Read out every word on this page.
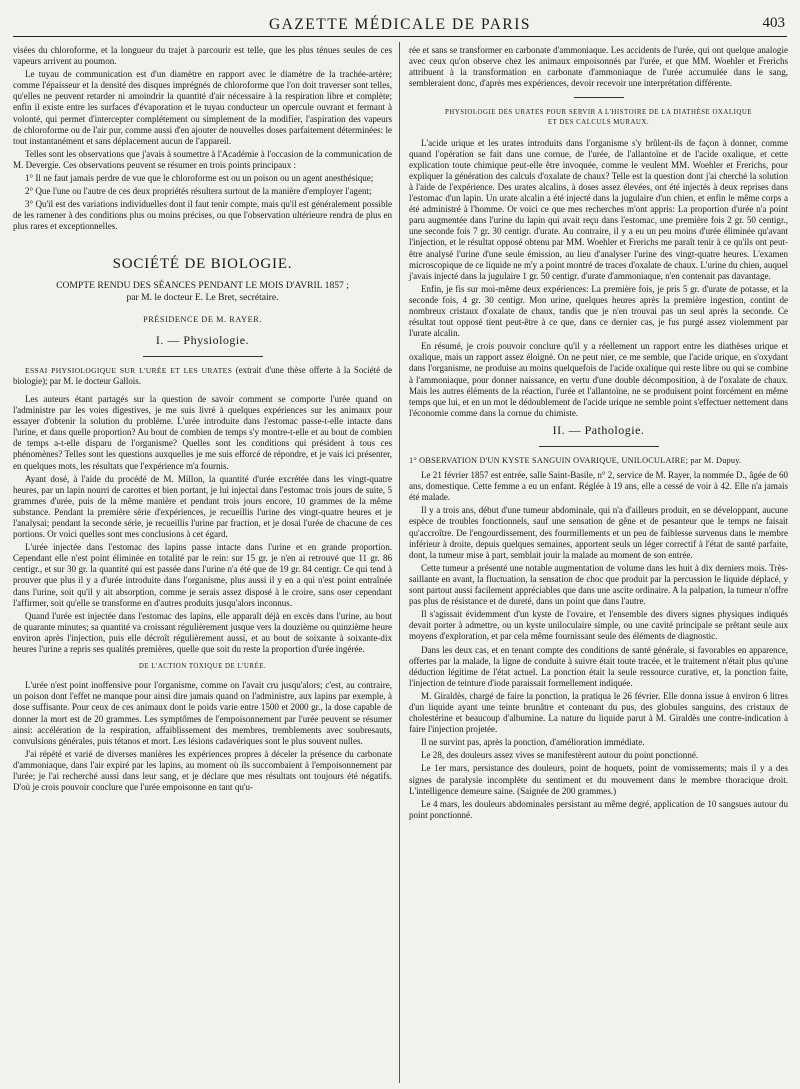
GAZETTE MÉDICALE DE PARIS	403

visées du chloroforme, et la longueur du trajet à parcourir est telle, que les plus ténues seules de ces vapeurs arrivent au poumon.

Le tuyau de communication est d'un diamètre en rapport avec le diamètre de la trachée-artère; comme l'épaisseur et la densité des disques imprégnés de chloroforme que l'on doit traverser sont telles, qu'elles ne peuvent retarder ni amoindrir la quantité d'air nécessaire à la respiration libre et complète; enfin il existe entre les surfaces d'évaporation et le tuyau conducteur un opercule ouvrant et fermant à volonté, qui permet d'intercepter complétement ou simplement de la modifier, l'aspiration des vapeurs de chloroforme ou de l'air pur, comme aussi d'en ajouter de nouvelles doses parfaitement déterminées: le tout instantanément et sans déplacement aucun de l'appareil.

Telles sont les observations que j'avais à soumettre à l'Académie à l'occasion de la communication de M. Devergie. Ces observations peuvent se résumer en trois points principaux :

1° Il ne faut jamais perdre de vue que le chloroforme est ou un poison ou un agent anesthésique;

2° Que l'une ou l'autre de ces deux propriétés résultera surtout de la manière d'employer l'agent;

3° Qu'il est des variations individuelles dont il faut tenir compte, mais qu'il est généralement possible de les ramener à des conditions plus ou moins précises, ou que l'observation ultérieure rendra de plus en plus rares et exceptionnelles.

SOCIÉTÉ DE BIOLOGIE.
COMPTE RENDU DES SÉANCES PENDANT LE MOIS D'AVRIL 1857 ;
par M. le docteur E. Le Bret, secrétaire.
PRÉSIDENCE DE M. RAYER.
I. — Physiologie.

ESSAI PHYSIOLOGIQUE SUR L'URÉE ET LES URATES (extrait d'une thèse offerte à la Société de biologie); par M. le docteur Gallois.

Les auteurs étant partagés sur la question de savoir comment se comporte l'urée quand on l'administre par les voies digestives, je me suis livré à quelques expériences sur les animaux pour essayer d'obtenir la solution du problème. L'urée introduite dans l'estomac passe-t-elle intacte dans l'urine, et dans quelle proportion? Au bout de combien de temps s'y montre-t-elle et au bout de combien de temps a-t-elle disparu de l'organisme? Quelles sont les conditions qui président à tous ces phénomènes? Telles sont les questions auxquelles je me suis efforcé de répondre, et je vais ici présenter, en quelques mots, les résultats que l'expérience m'a fournis.

Ayant dosé, à l'aide du procédé de M. Millon, la quantité d'urée excrétée dans les vingt-quatre heures, par un lapin nourri de carottes et bien portant, je lui injectai dans l'estomac trois jours de suite, 5 grammes d'urée, puis de la même manière et pendant trois jours encore, 10 grammes de la même substance. Pendant la première série d'expériences, je recueillis l'urine des vingt-quatre heures et je l'analysai; pendant la seconde série, je recueillis l'urine par fraction, et je dosai l'urée de chacune de ces portions. Or voici quelles sont mes conclusions à cet égard.

L'urée injectée dans l'estomac des lapins passe intacte dans l'urine et en grande proportion. Cependant elle n'est point éliminée en totalité par le rein: sur 15 gr. je n'en ai retrouvé que 11 gr. 86 centigr., et sur 30 gr. la quantité qui est passée dans l'urine n'a été que de 19 gr. 84 centigr. Ce qui tend à prouver que plus il y a d'urée introduite dans l'organisme, plus aussi il y en a qui n'est point entraînée dans l'urine, soit qu'il y ait absorption, comme je serais assez disposé à le croire, sans oser cependant l'affirmer, soit qu'elle se transforme en d'autres produits jusqu'alors inconnus.

Quand l'urée est injectée dans l'estomac des lapins, elle apparaît déjà en excès dans l'urine, au bout de quarante minutes; sa quantité va croissant régulièrement jusque vers la douzième ou quinzième heure environ après l'injection, puis elle décroît régulièrement aussi, et au bout de soixante à soixante-dix heures l'urine a repris ses qualités premières, quelle que soit du reste la proportion d'urée ingérée.

DE L'ACTION TOXIQUE DE L'URÉE.

L'urée n'est point inoffensive pour l'organisme, comme on l'avait cru jusqu'alors; c'est, au contraire, un poison dont l'effet ne manque pour ainsi dire jamais quand on l'administre, aux lapins par exemple, à dose suffisante. Pour ceux de ces animaux dont le poids varie entre 1500 et 2000 gr., la dose capable de donner la mort est de 20 grammes. Les symptômes de l'empoisonnement par l'urée peuvent se résumer ainsi: accélération de la respiration, affaiblissement des membres, tremblements avec soubresauts, convulsions générales, puis tétanos et mort. Les lésions cadavériques sont le plus souvent nulles.

J'ai répété et varié de diverses manières les expériences propres à déceler la présence du carbonate d'ammoniaque, dans l'air expiré par les lapins, au moment où ils succombaient à l'empoisonnement par l'urée; je l'ai recherché aussi dans leur sang, et je déclare que mes résultats ont toujours été négatifs. D'où je crois pouvoir conclure que l'urée empoisonne en tant qu'u-

rée et sans se transformer en carbonate d'ammoniaque. Les accidents de l'urée, qui ont quelque analogie avec ceux qu'on observe chez les animaux empoisonnés par l'urée, et que MM. Woehler et Frerichs attribuent à la transformation en carbonate d'ammoniaque de l'urée accumulée dans le sang, sembleraient donc, d'après mes expériences, devoir recevoir une interprétation différente.

PHYSIOLOGIE DES URATES POUR SERVIR A L'HISTOIRE DE LA DIATHÈSE OXALIQUE
ET DES CALCULS MURAUX.

L'acide urique et les urates introduits dans l'organisme s'y brûlent-ils de façon à donner, comme quand l'opération se fait dans une cornue, de l'urée, de l'allantoïne et de l'acide oxalique, et cette explication toute chimique peut-elle être invoquée, comme le veulent MM. Woehler et Frerichs, pour expliquer la génération des calculs d'oxalate de chaux? Telle est la question dont j'ai cherché la solution à l'aide de l'expérience. Des urates alcalins, à doses assez élevées, ont été injectés à deux reprises dans l'estomac d'un lapin. Un urate alcalin a été injecté dans la jugulaire d'un chien, et enfin le même corps a été administré à l'homme. Or voici ce que mes recherches m'ont appris: La proportion d'urée n'a point paru augmentée dans l'urine du lapin qui avait reçu dans l'estomac, une première fois 2 gr. 50 centigr., une seconde fois 7 gr. 30 centigr. d'urate. Au contraire, il y a eu un peu moins d'urée éliminée qu'avant l'injection, et le résultat opposé obtenu par MM. Woehler et Frerichs me paraît tenir à ce qu'ils ont peut-être analysé l'urine d'une seule émission, au lieu d'analyser l'urine des vingt-quatre heures. L'examen microscopique de ce liquide ne m'y a point montré de traces d'oxalate de chaux. L'urine du chien, auquel j'avais injecté dans la jugulaire 1 gr. 50 centigr. d'urate d'ammoniaque, n'en contenait pas davantage.

Enfin, je fis sur moi-même deux expériences: La première fois, je pris 5 gr. d'urate de potasse, et la seconde fois, 4 gr. 30 centigr. Mon urine, quelques heures après la première ingestion, contint de nombreux cristaux d'oxalate de chaux, tandis que je n'en trouvai pas un seul après la seconde. Ce résultat tout opposé tient peut-être à ce que, dans ce dernier cas, je fus purgé assez violemment par l'urate alcalin.

En résumé, je crois pouvoir conclure qu'il y a réellement un rapport entre les diathèses urique et oxalique, mais un rapport assez éloigné. On ne peut nier, ce me semble, que l'acide urique, en s'oxydant dans l'organisme, ne produise au moins quelquefois de l'acide oxalique qui reste libre ou qui se combine à l'ammoniaque, pour donner naissance, en vertu d'une double décomposition, à de l'oxalate de chaux. Mais les autres éléments de la réaction, l'urée et l'allantoïne, ne se produisent point forcément en même temps que lui, et en un mot le dédoublement de l'acide urique ne semble point s'effectuer nettement dans l'économie comme dans la cornue du chimiste.

II. — Pathologie.

1° OBSERVATION D'UN KYSTE SANGUIN OVARIQUE, UNILOCULAIRE; par M. Dupuy.

Le 21 février 1857 est entrée, salle Saint-Basile, n° 2, service de M. Rayer, la nommée D., âgée de 60 ans, domestique. Cette femme a eu un enfant. Réglée à 19 ans, elle a cessé de voir à 42. Elle n'a jamais été malade.

Il y a trois ans, début d'une tumeur abdominale, qui n'a d'ailleurs produit, en se développant, aucune espèce de troubles fonctionnels, sauf une sensation de gêne et de pesanteur que le temps ne faisait qu'accroître. De l'engourdissement, des fourmillements et un peu de faiblesse survenus dans le membre inférieur à droite, depuis quelques semaines, apportent seuls un léger correctif à l'état de santé parfaite, dont, la tumeur mise à part, semblait jouir la malade au moment de son entrée.

Cette tumeur a présenté une notable augmentation de volume dans les huit à dix derniers mois. Très-saillante en avant, la fluctuation, la sensation de choc que produit par la percussion le liquide déplacé, y sont partout aussi facilement appréciables que dans une ascite ordinaire. A la palpation, la tumeur n'offre pas plus de résistance et de dureté, dans un point que dans l'autre.

Il s'agissait évidemment d'un kyste de l'ovaire, et l'ensemble des divers signes physiques indiqués devait porter à admettre, ou un kyste uniloculaire simple, ou une cavité principale se prêtant seule aux moyens d'exploration, et par cela même fournissant seule des éléments de diagnostic.

Dans les deux cas, et en tenant compte des conditions de santé générale, si favorables en apparence, offertes par la malade, la ligne de conduite à suivre était toute tracée, et le traitement n'était plus qu'une déduction légitime de l'état actuel. La ponction était la seule ressource curative, et, la ponction faite, l'injection de teinture d'iode paraissait formellement indiquée.

M. Giraldès, chargé de faire la ponction, la pratiqua le 26 février. Elle donna issue à environ 6 litres d'un liquide ayant une teinte brunâtre et contenant du pus, des globules sanguins, des cristaux de cholestérine et beaucoup d'albumine. La nature du liquide parut à M. Giraldès une contre-indication à faire l'injection projetée.

Il ne survint pas, après la ponction, d'amélioration immédiate.

Le 28, des douleurs assez vives se manifestèrent autour du point ponctionné.

Le 1er mars, persistance des douleurs, point de hoquets, point de vomissements; mais il y a des signes de paralysie incomplète du sentiment et du mouvement dans le membre thoracique droit. L'intelligence demeure saine. (Saignée de 200 grammes.)

Le 4 mars, les douleurs abdominales persistant au même degré, application de 10 sangsues autour du point ponctionné.
